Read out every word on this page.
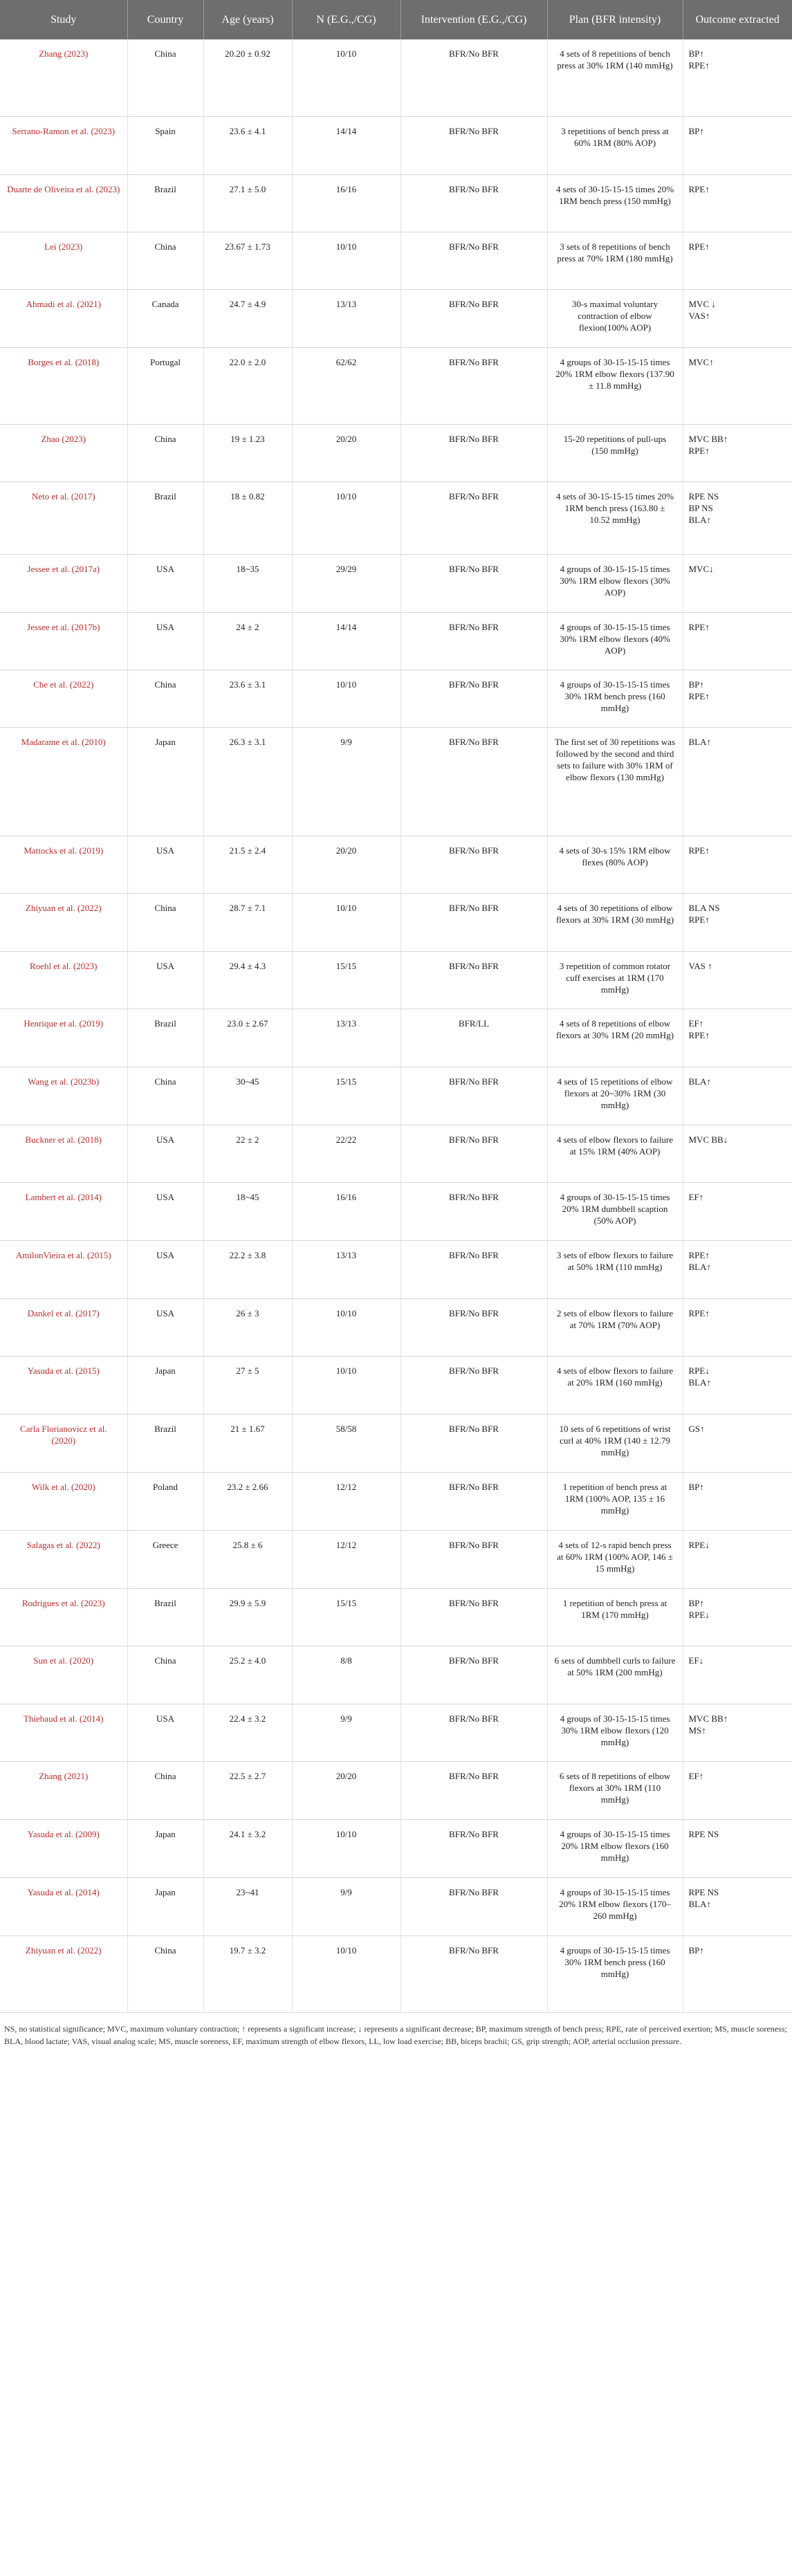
Study	Country	Age (years)	N (E.G.,/CG)	Intervention (E.G.,/CG)	Plan (BFR intensity)	Outcome extracted
Zhang (2023)	China	20.20 ± 0.92	10/10	BFR/No BFR	4 sets of 8 repetitions of bench press at 30% 1RM (140 mmHg)	BP↑
RPE↑

Serrano-Ramon et al. (2023)	Spain	23.6 ± 4.1	14/14	BFR/No BFR	3 repetitions of bench press at 60% 1RM (80% AOP)	BP↑

Duarte de Oliveira et al. (2023)	Brazil	27.1 ± 5.0	16/16	BFR/No BFR	4 sets of 30-15-15-15 times 20% 1RM bench press (150 mmHg)	RPE↑

Lei (2023)	China	23.67 ± 1.73	10/10	BFR/No BFR	3 sets of 8 repetitions of bench press at 70% 1RM (180 mmHg)	RPE↑

Ahmadi et al. (2021)	Canada	24.7 ± 4.9	13/13	BFR/No BFR	30-s maximal voluntary contraction of elbow flexion(100% AOP)	MVC ↓
VAS↑

Borges et al. (2018)	Portugal	22.0 ± 2.0	62/62	BFR/No BFR	4 groups of 30-15-15-15 times 20% 1RM elbow flexors (137.90 ± 11.8 mmHg)	MVC↑

Zhao (2023)	China	19 ± 1.23	20/20	BFR/No BFR	15-20 repetitions of pull-ups (150 mmHg)	MVC BB↑
RPE↑

Neto et al. (2017)	Brazil	18 ± 0.82	10/10	BFR/No BFR	4 sets of 30-15-15-15 times 20% 1RM bench press (163.80 ± 10.52 mmHg)	RPE NS
BP NS
BLA↑

Jessee et al. (2017a)	USA	18~35	29/29	BFR/No BFR	4 groups of 30-15-15-15 times 30% 1RM elbow flexors (30% AOP)	MVC↓

Jessee et al. (2017b)	USA	24 ± 2	14/14	BFR/No BFR	4 groups of 30-15-15-15 times 30% 1RM elbow flexors (40% AOP)	RPE↑

Che et al. (2022)	China	23.6 ± 3.1	10/10	BFR/No BFR	4 groups of 30-15-15-15 times 30% 1RM bench press (160 mmHg)	BP↑
RPE↑

Madarame et al. (2010)	Japan	26.3 ± 3.1	9/9	BFR/No BFR	The first set of 30 repetitions was followed by the second and third sets to failure with 30% 1RM of elbow flexors (130 mmHg)	BLA↑

Mattocks et al. (2019)	USA	21.5 ± 2.4	20/20	BFR/No BFR	4 sets of 30-s 15% 1RM elbow flexes (80% AOP)	RPE↑

Zhiyuan et al. (2022)	China	28.7 ± 7.1	10/10	BFR/No BFR	4 sets of 30 repetitions of elbow flexors at 30% 1RM (30 mmHg)	BLA NS
RPE↑

Roehl et al. (2023)	USA	29.4 ± 4.3	15/15	BFR/No BFR	3 repetition of common rotator cuff exercises at 1RM (170 mmHg)	VAS ↑

Henrique et al. (2019)	Brazil	23.0 ± 2.67	13/13	BFR/LL	4 sets of 8 repetitions of elbow flexors at 30% 1RM (20 mmHg)	EF↑
RPE↑

Wang et al. (2023b)	China	30~45	15/15	BFR/No BFR	4 sets of 15 repetitions of elbow flexors at 20~30% 1RM (30 mmHg)	BLA↑

Buckner et al. (2018)	USA	22 ± 2	22/22	BFR/No BFR	4 sets of elbow flexors to failure at 15% 1RM (40% AOP)	MVC BB↓

Lambert et al. (2014)	USA	18~45	16/16	BFR/No BFR	4 groups of 30-15-15-15 times 20% 1RM dumbbell scaption (50% AOP)	EF↑

AmilonVieira et al. (2015)	USA	22.2 ± 3.8	13/13	BFR/No BFR	3 sets of elbow flexors to failure at 50% 1RM (110 mmHg)	RPE↑
BLA↑

Dankel et al. (2017)	USA	26 ± 3	10/10	BFR/No BFR	2 sets of elbow flexors to failure at 70% 1RM (70% AOP)	RPE↑

Yasuda et al. (2015)	Japan	27 ± 5	10/10	BFR/No BFR	4 sets of elbow flexors to failure at 20% 1RM (160 mmHg)	RPE↓
BLA↑

Carla Florianovicz et al. (2020)	Brazil	21 ± 1.67	58/58	BFR/No BFR	10 sets of 6 repetitions of wrist curl at 40% 1RM (140 ± 12.79 mmHg)	GS↑

Wilk et al. (2020)	Poland	23.2 ± 2.66	12/12	BFR/No BFR	1 repetition of bench press at 1RM (100% AOP, 135 ± 16 mmHg)	BP↑

Salagas et al. (2022)	Greece	25.8 ± 6	12/12	BFR/No BFR	4 sets of 12-s rapid bench press at 60% 1RM (100% AOP, 146 ± 15 mmHg)	RPE↓

Rodrigues et al. (2023)	Brazil	29.9 ± 5.9	15/15	BFR/No BFR	1 repetition of bench press at 1RM (170 mmHg)	BP↑
RPE↓

Sun et al. (2020)	China	25.2 ± 4.0	8/8	BFR/No BFR	6 sets of dumbbell curls to failure at 50% 1RM (200 mmHg)	EF↓

Thiebaud et al. (2014)	USA	22.4 ± 3.2	9/9	BFR/No BFR	4 groups of 30-15-15-15 times 30% 1RM elbow flexors (120 mmHg)	MVC BB↑
MS↑

Zhang (2021)	China	22.5 ± 2.7	20/20	BFR/No BFR	6 sets of 8 repetitions of elbow flexors at 30% 1RM (110 mmHg)	EF↑

Yasuda et al. (2009)	Japan	24.1 ± 3.2	10/10	BFR/No BFR	4 groups of 30-15-15-15 times 20% 1RM elbow flexors (160 mmHg)	RPE NS

Yasuda et al. (2014)	Japan	23~41	9/9	BFR/No BFR	4 groups of 30-15-15-15 times 20% 1RM elbow flexors (170–260 mmHg)	RPE NS
BLA↑

Zhiyuan et al. (2022)	China	19.7 ± 3.2	10/10	BFR/No BFR	4 groups of 30-15-15-15 times 30% 1RM bench press (160 mmHg)	BP↑
NS, no statistical significance; MVC, maximum voluntary contraction; ↑ represents a significant increase; ↓ represents a significant decrease; BP, maximum strength of bench press; RPE, rate of perceived exertion; MS, muscle soreness; BLA, blood lactate; VAS, visual analog scale; MS, muscle soreness, EF, maximum strength of elbow flexors, LL, low load exercise; BB, biceps brachii; GS, grip strength; AOP, arterial occlusion pressure.
